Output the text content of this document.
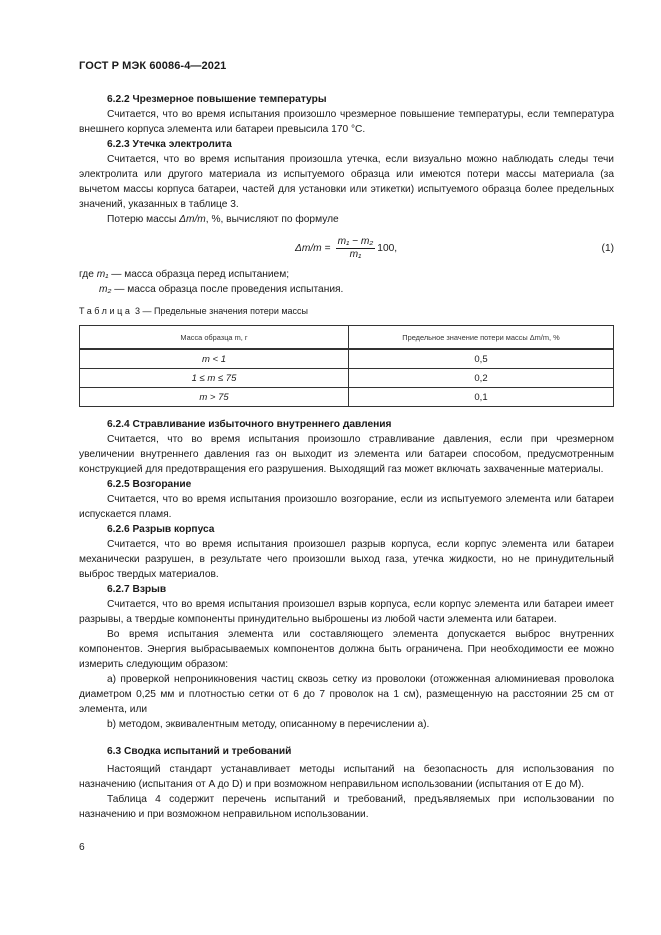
ГОСТ Р МЭК 60086-4—2021

6.2.2 Чрезмерное повышение температуры

Считается, что во время испытания произошло чрезмерное повышение температуры, если температура внешнего корпуса элемента или батареи превысила 170 °С.

6.2.3 Утечка электролита

Считается, что во время испытания произошла утечка, если визуально можно наблюдать следы течи электролита или другого материала из испытуемого образца или имеются потери массы материала (за вычетом массы корпуса батареи, частей для установки или этикетки) испытуемого образца более предельных значений, указанных в таблице 3.

Потерю массы Δm/m, %, вычисляют по формуле

$\Delta m/m = \frac{\text{m₁ − m₂}}{\text{m₁}} 100$,	(1)

где m₁ — масса образца перед испытанием;

m₂ — масса образца после проведения испытания.

Таблица 3 — Предельные значения потери массы
Масса образца m, г	Предельное значение потери массы Δm/m, %
m < 1	0,5
1 ≤ m ≤ 75	0,2
m > 75	0,1

6.2.4 Стравливание избыточного внутреннего давления

Считается, что во время испытания произошло стравливание давления, если при чрезмерном увеличении внутреннего давления газ он выходит из элемента или батареи способом, предусмотренным конструкцией для предотвращения его разрушения. Выходящий газ может включать захваченные материалы.

6.2.5 Возгорание

Считается, что во время испытания произошло возгорание, если из испытуемого элемента или батареи испускается пламя.

6.2.6 Разрыв корпуса

Считается, что во время испытания произошел разрыв корпуса, если корпус элемента или батареи механически разрушен, в результате чего произошли выход газа, утечка жидкости, но не принудительный выброс твердых материалов.

6.2.7 Взрыв

Считается, что во время испытания произошел взрыв корпуса, если корпус элемента или батареи имеет разрывы, а твердые компоненты принудительно выброшены из любой части элемента или батареи.

Во время испытания элемента или составляющего элемента допускается выброс внутренних компонентов. Энергия выбрасываемых компонентов должна быть ограничена. При необходимости ее можно измерить следующим образом:

a) проверкой непроникновения частиц сквозь сетку из проволоки (отожженная алюминиевая проволока диаметром 0,25 мм и плотностью сетки от 6 до 7 проволок на 1 см), размещенную на расстоянии 25 см от элемента, или

b) методом, эквивалентным методу, описанному в перечислении а).

6.3 Сводка испытаний и требований

Настоящий стандарт устанавливает методы испытаний на безопасность для использования по назначению (испытания от A до D) и при возможном неправильном использовании (испытания от E до M).

Таблица 4 содержит перечень испытаний и требований, предъявляемых при использовании по назначению и при возможном неправильном использовании.

6
